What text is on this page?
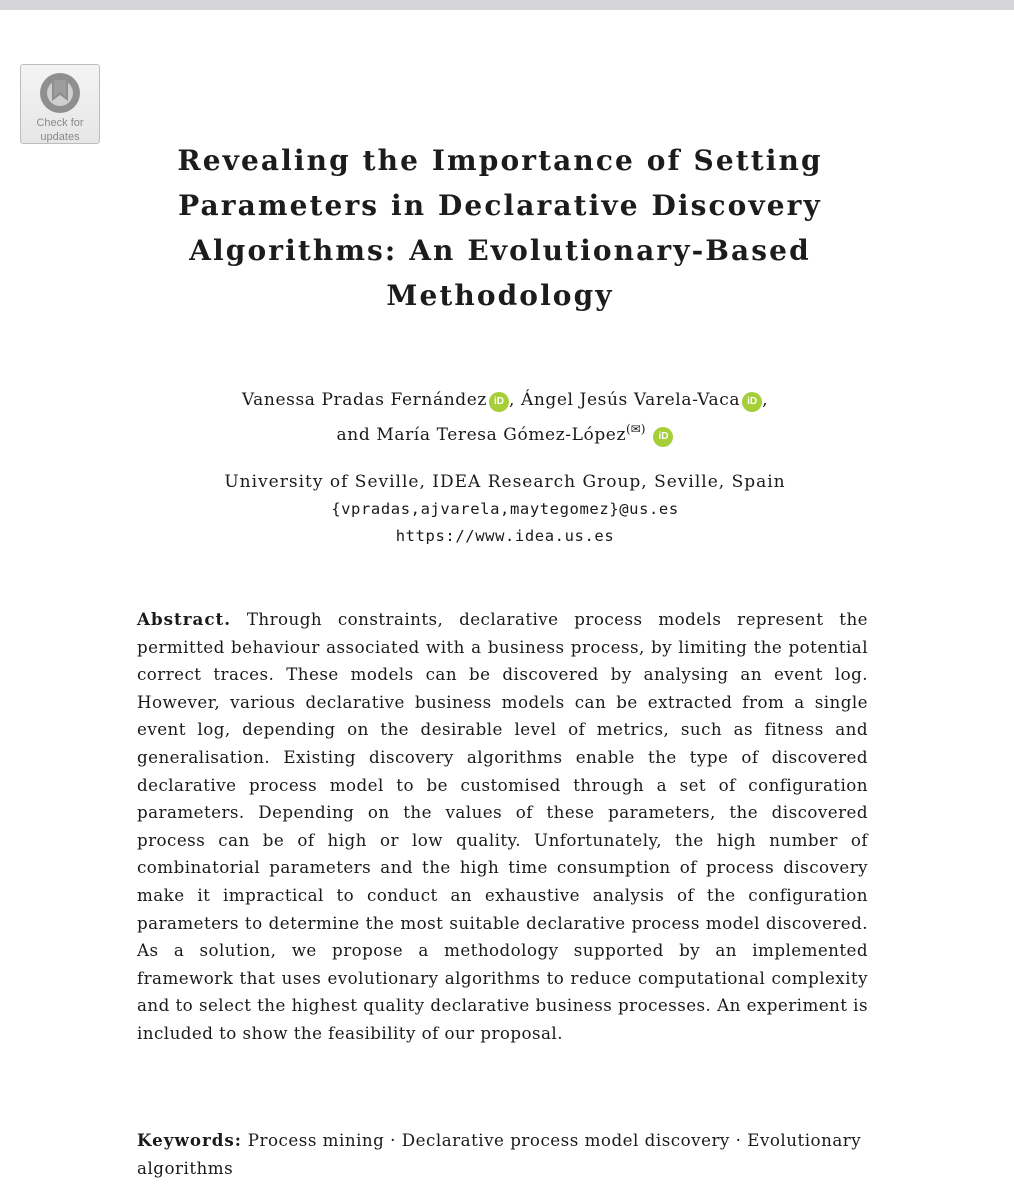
Check for
updates
Revealing the Importance of Setting Parameters in Declarative Discovery Algorithms: An Evolutionary-Based Methodology
Vanessa Pradas Fernández iD , Ángel Jesús Varela-Vaca iD ,
and María Teresa Gómez-López(✉) iD
University of Seville, IDEA Research Group, Seville, Spain
{vpradas,ajvarela,maytegomez}@us.es
https://www.idea.us.es
Abstract. Through constraints, declarative process models represent the permitted behaviour associated with a business process, by limiting the potential correct traces. These models can be discovered by analysing an event log. However, various declarative business models can be extracted from a single event log, depending on the desirable level of metrics, such as fitness and generalisation. Existing discovery algorithms enable the type of discovered declarative process model to be customised through a set of configuration parameters. Depending on the values of these parameters, the discovered process can be of high or low quality. Unfortunately, the high number of combinatorial parameters and the high time consumption of process discovery make it impractical to conduct an exhaustive analysis of the configuration parameters to determine the most suitable declarative process model discovered. As a solution, we propose a methodology supported by an implemented framework that uses evolutionary algorithms to reduce computational complexity and to select the highest quality declarative business processes. An experiment is included to show the feasibility of our proposal.
Keywords: Process mining · Declarative process model discovery · Evolutionary algorithms
